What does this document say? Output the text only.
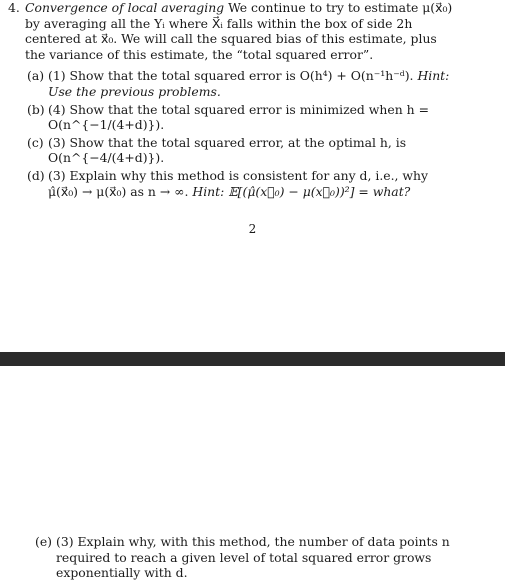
4. Convergence of local averaging We continue to try to estimate μ(x⃗₀) by averaging all the Yᵢ where X⃗ᵢ falls within the box of side 2h centered at x⃗₀. We will call the squared bias of this estimate, plus the variance of this estimate, the “total squared error”.
(a) (1) Show that the total squared error is O(h⁴) + O(n⁻¹h⁻ᵈ). Hint: Use the previous problems.
(b) (4) Show that the total squared error is minimized when h = O(n^{−1/(4+d)}).
(c) (3) Show that the total squared error, at the optimal h, is O(n^{−4/(4+d)}).
(d) (3) Explain why this method is consistent for any d, i.e., why μ̂(x⃗₀) → μ(x⃗₀) as n → ∞. Hint: 𝔼[(μ̂(x⃗₀) − μ(x⃗₀))²] = what?
2
(e) (3) Explain why, with this method, the number of data points n required to reach a given level of total squared error grows exponentially with d.
